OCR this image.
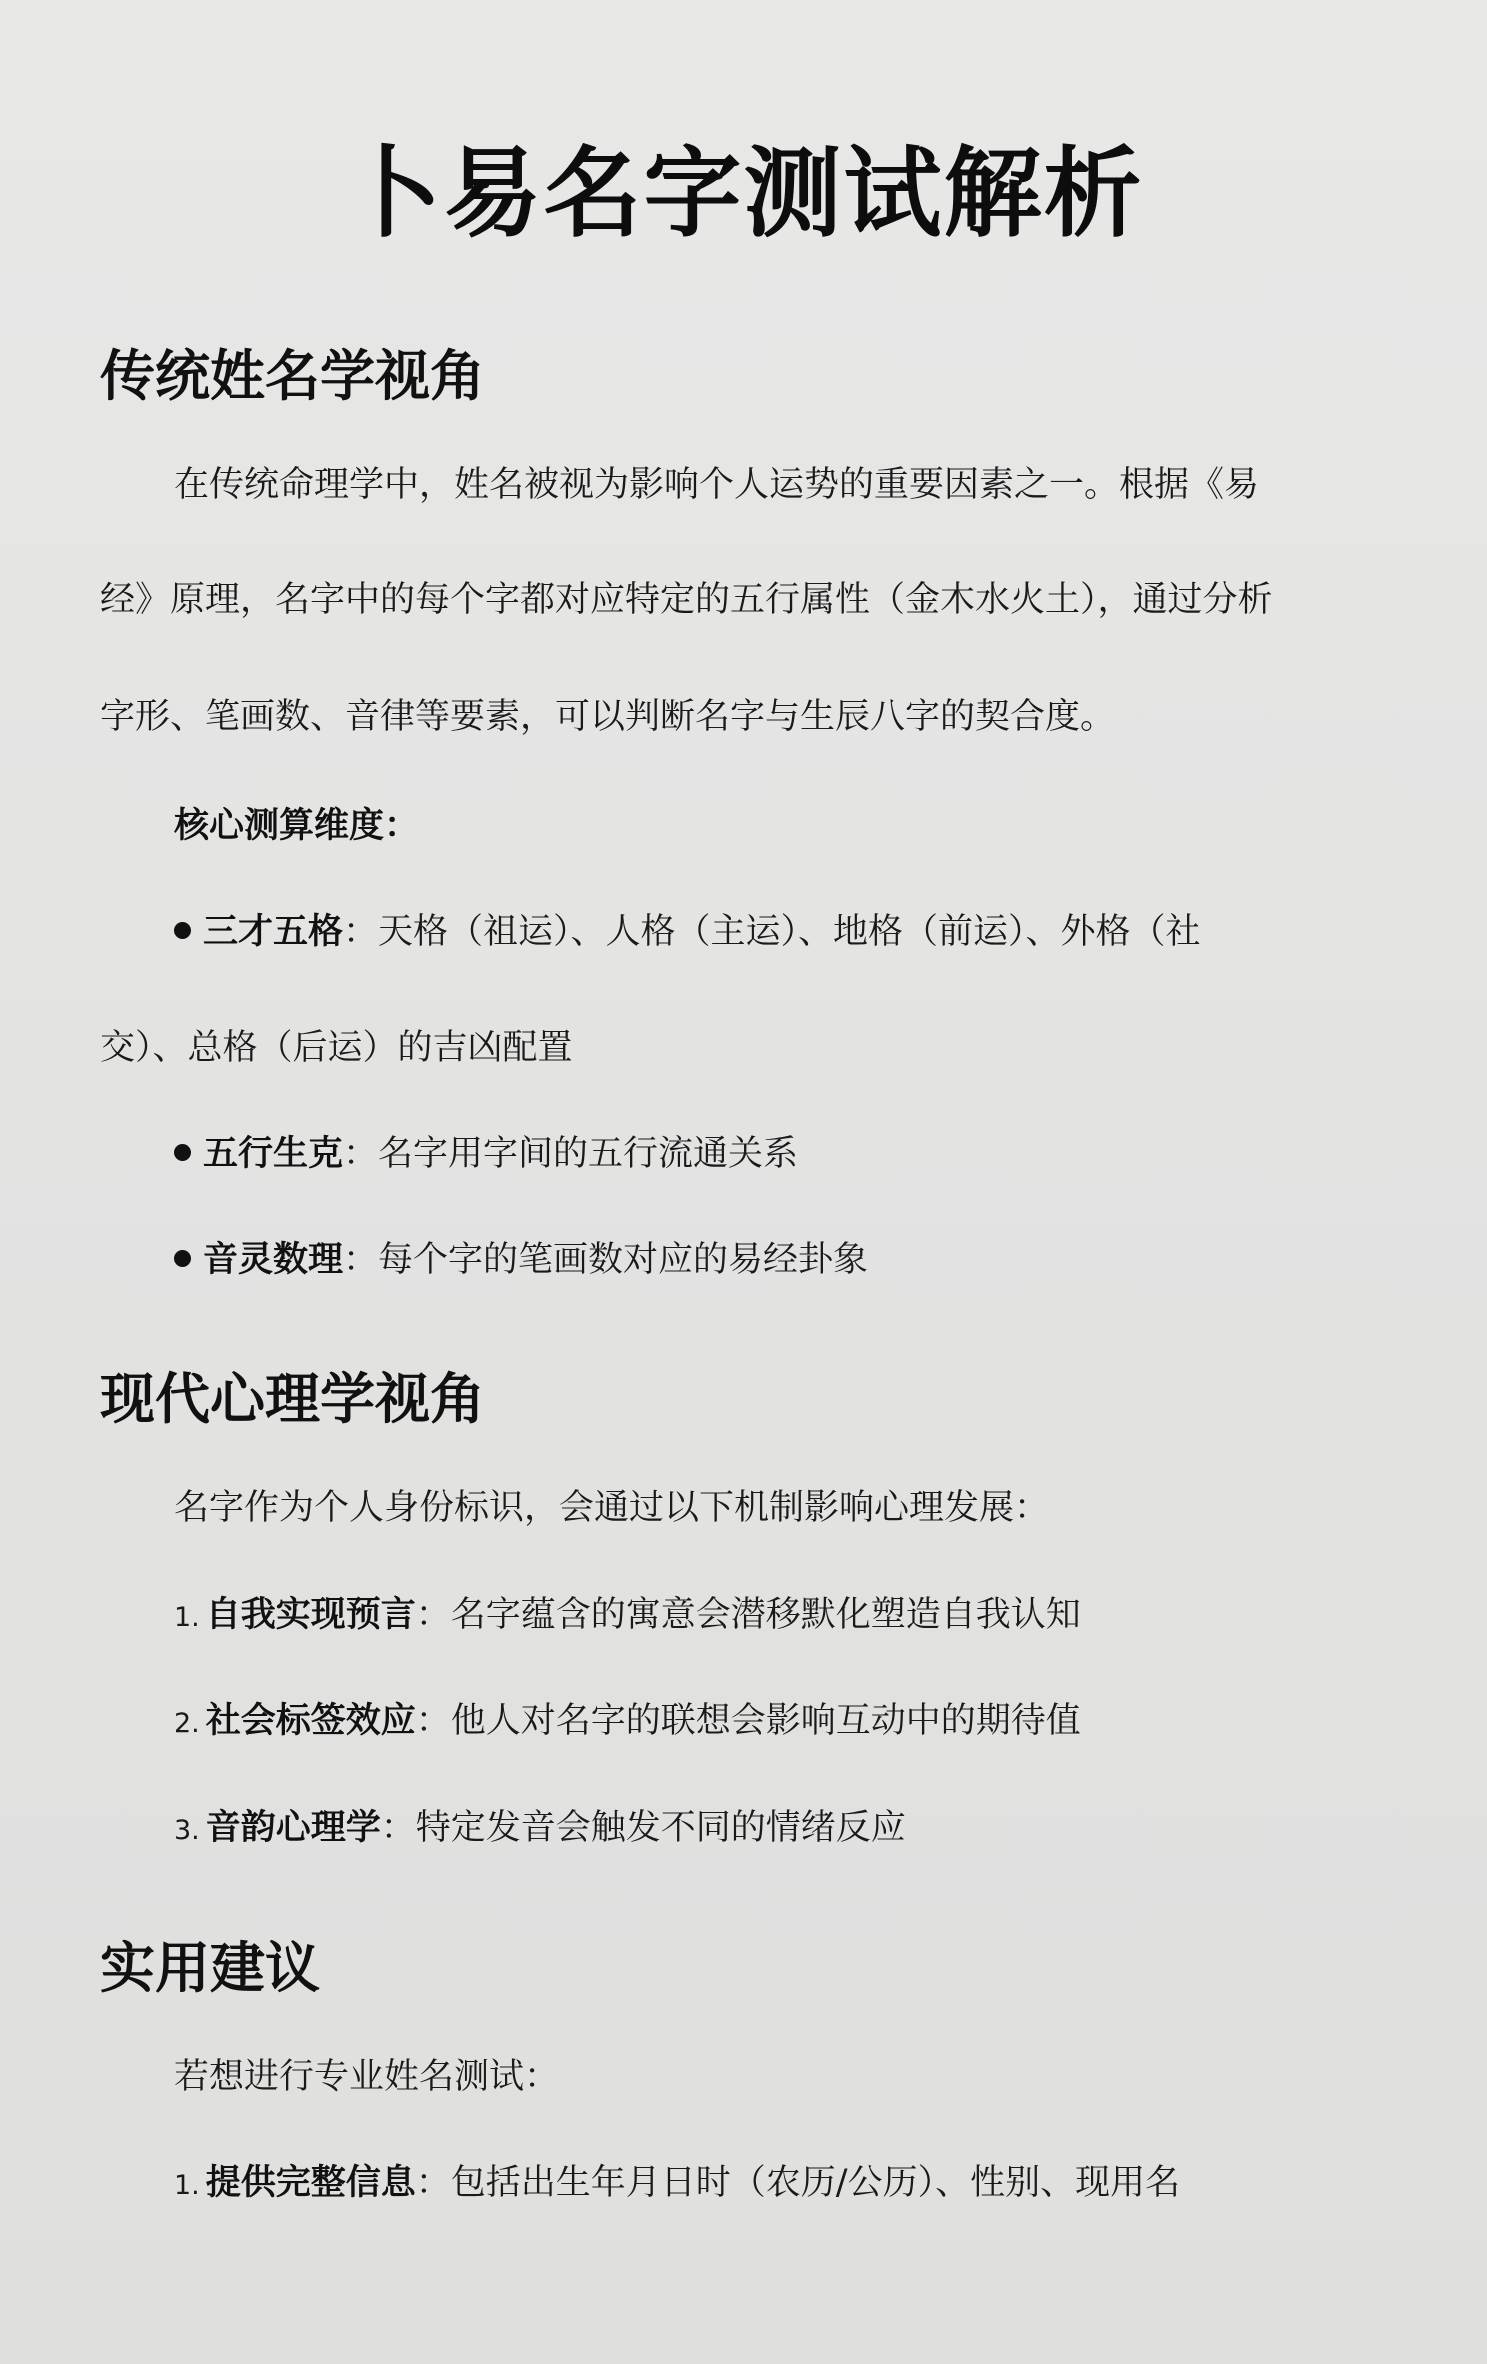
卜易名字测试解析
传统姓名学视角

在传统命理学中，姓名被视为影响个人运势的重要因素之一。根据《易

经》原理，名字中的每个字都对应特定的五行属性（金木水火土），通过分析

字形、笔画数、音律等要素，可以判断名字与生辰八字的契合度。

核心测算维度：

三才五格：天格（祖运）、人格（主运）、地格（前运）、外格（社

交）、总格（后运）的吉凶配置

五行生克：名字用字间的五行流通关系

音灵数理：每个字的笔画数对应的易经卦象

现代心理学视角

名字作为个人身份标识，会通过以下机制影响心理发展：

1. 自我实现预言：名字蕴含的寓意会潜移默化塑造自我认知

2. 社会标签效应：他人对名字的联想会影响互动中的期待值

3. 音韵心理学：特定发音会触发不同的情绪反应

实用建议

若想进行专业姓名测试：

1. 提供完整信息：包括出生年月日时（农历/公历）、性别、现用名
